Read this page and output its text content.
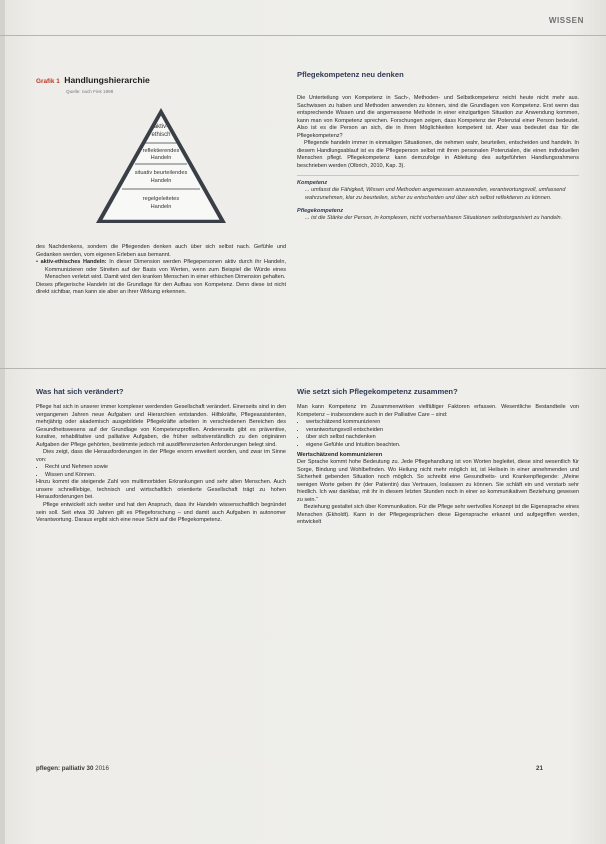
WISSEN
Grafik 1 Handlungshierarchie
Quelle: nach Fink 1998
aktiv-
ethisch
reflektierendes
Handeln
situativ beurteilendes
Handeln
regelgeleitetes
Handeln

des Nachdenkens, sondern die Pflegenden denken auch über sich selbst nach. Gefühle und Gedanken werden, vom eigenen Erleben aus bemannt.

• aktiv-ethisches Handeln: In dieser Dimension werden Pflegepersonen aktiv durch ihr Handeln, Kommunizieren oder Streiten auf der Basis von Werten, wenn zum Beispiel die Würde eines Menschen verletzt wird. Damit wird den kranken Menschen in einer ethischen Dimension gehalten.

Dieses pflegerische Handeln ist die Grundlage für den Aufbau von Kompetenz. Denn diese ist nicht direkt sichtbar, man kann sie aber an ihrer Wirkung erkennen.

Pflegekompetenz neu denken

Die Unterteilung von Kompetenz in Sach-, Methoden- und Selbstkompetenz reicht heute nicht mehr aus. Sachwissen zu haben und Methoden anwenden zu können, sind die Grundlagen von Kompetenz. Erst wenn das entsprechende Wissen und die angemessene Methode in einer einzigartigen Situation zur Anwendung kommen, kann man von Kompetenz sprechen. Forschungen zeigen, dass Kompetenz der Potenzial einer Person bedeutet. Also ist es die Person an sich, die in ihren Möglichkeiten kompetent ist. Aber was bedeutet das für die Pflegekompetenz?

Pflegende handeln immer in einmaligen Situationen, die nehmen wahr, beurteilen, entscheiden und handeln. In diesem Handlungsablauf ist es die Pflegeperson selbst mit ihren personalen Potenzialen, die einen individuellen Menschen pflegt. Pflegekompetenz kann demzufolge in Ableitung des aufgeführten Handlungsrahmens beschrieben werden (Olbrich, 2010, Kap. 3).

Kompetenz
... umfasst die Fähigkeit, Wissen und Methoden angemessen anzuwenden, verantwortungsvoll, umfassend wahrzunehmen, klar zu beurteilen, sicher zu entscheiden und über sich selbst reflektieren zu können.
Pflegekompetenz
... ist die Stärke der Person, in komplexen, nicht vorhersehbaren Situationen selbstorganisiert zu handeln.
Was hat sich verändert?

Pflege hat sich in unserer immer komplexer werdenden Gesellschaft verändert. Einerseits sind in den vergangenen Jahren neue Aufgaben und Hierarchien entstanden. Hilfskräfte, Pflegeassistenten, mehrjährig oder akademisch ausgebildete Pflegekräfte arbeiten in verschiedenen Bereichen des Gesundheitswesens auf der Grundlage von Kompetenzprofilen. Andererseits gibt es präventive, kurative, rehabilitative und palliative Aufgaben, die früher selbstverständlich zu den originären Aufgaben der Pflege gehörten, bestimmte jedoch mit ausdifferenzierten Anforderungen belegt sind.

Dies zeigt, dass die Herausforderungen in der Pflege enorm erweitert worden, und zwar im Sinne von:

• Recht und Nehmen sowie
• Wissen und Können.

Hinzu kommt die steigende Zahl von multimorbiden Erkrankungen und sehr alten Menschen. Auch unsere schnelllebige, technisch und wirtschaftlich orientierte Gesellschaft trägt zu hohen Herausforderungen bei.

Pflege entwickelt sich weiter und hat den Anspruch, dass ihr Handeln wissenschaftlich begründet sein soll. Seit etwa 30 Jahren gilt es Pflegeforschung – und damit auch Aufgaben in autonomer Verantwortung. Daraus ergibt sich eine neue Sicht auf die Pflegekompetenz.

Wie setzt sich Pflegekompetenz zusammen?

Man kann Kompetenz im Zusammenwirken vielfältiger Faktoren erfassen. Wesentliche Bestandteile von Kompetenz – insbesondere auch in der Palliative Care – sind:

• wertschätzend kommunizieren
• verantwortungsvoll entscheiden
• über sich selbst nachdenken
• eigene Gefühle und Intuition beachten.
Wertschätzend kommunizieren

Der Sprache kommt hohe Bedeutung zu. Jede Pflegehandlung ist von Worten begleitet, diese sind wesentlich für Sorge, Bindung und Wohlbefinden. Wo Heilung nicht mehr möglich ist, ist Heilsein in einer annehmenden und Sicherheit gebenden Situation noch möglich. So schreibt eine Gesundheits- und Krankenpflegende: „Meine wenigen Worte geben ihr (der Patientin) das Vertrauen, loslassen zu können. Sie schläft ein und verstarb sehr friedlich. Ich war dankbar, mit ihr in diesem letzten Stunden noch in einer so kommunikativen Beziehung gewesen zu sein.“

Beziehung gestaltet sich über Kommunikation. Für die Pflege sehr wertvolles Konzept ist die Eigensprache eines Menschen (Ekholdt). Kann in der Pflegegesprächen diese Eigensprache erkannt und aufgegriffen werden, entwickelt

pflegen: palliativ 30 2016	21
